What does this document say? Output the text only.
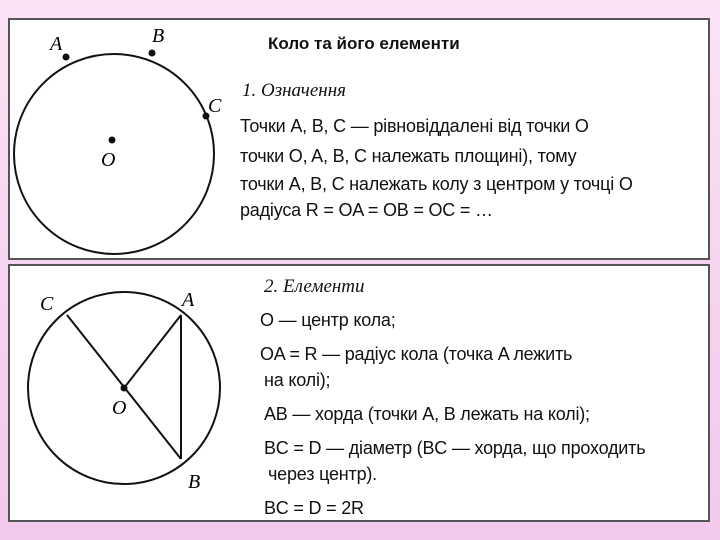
A	B
C
O
Коло та його елементи
1. Означення
Точки A, B, C — рівновіддалені від точки O
точки O, A, B, C належать площині), тому
точки A, B, C належать колу з центром у точці O
радіуса R = OA = OB = OC = …
C	A
O
B
2. Елементи
O — центр кола;
OA = R — радіус кола (точка A лежить
на колі);
AB — хорда (точки A, B лежать на колі);
BC = D — діаметр (BC — хорда, що проходить
через центр).
BC = D = 2R
